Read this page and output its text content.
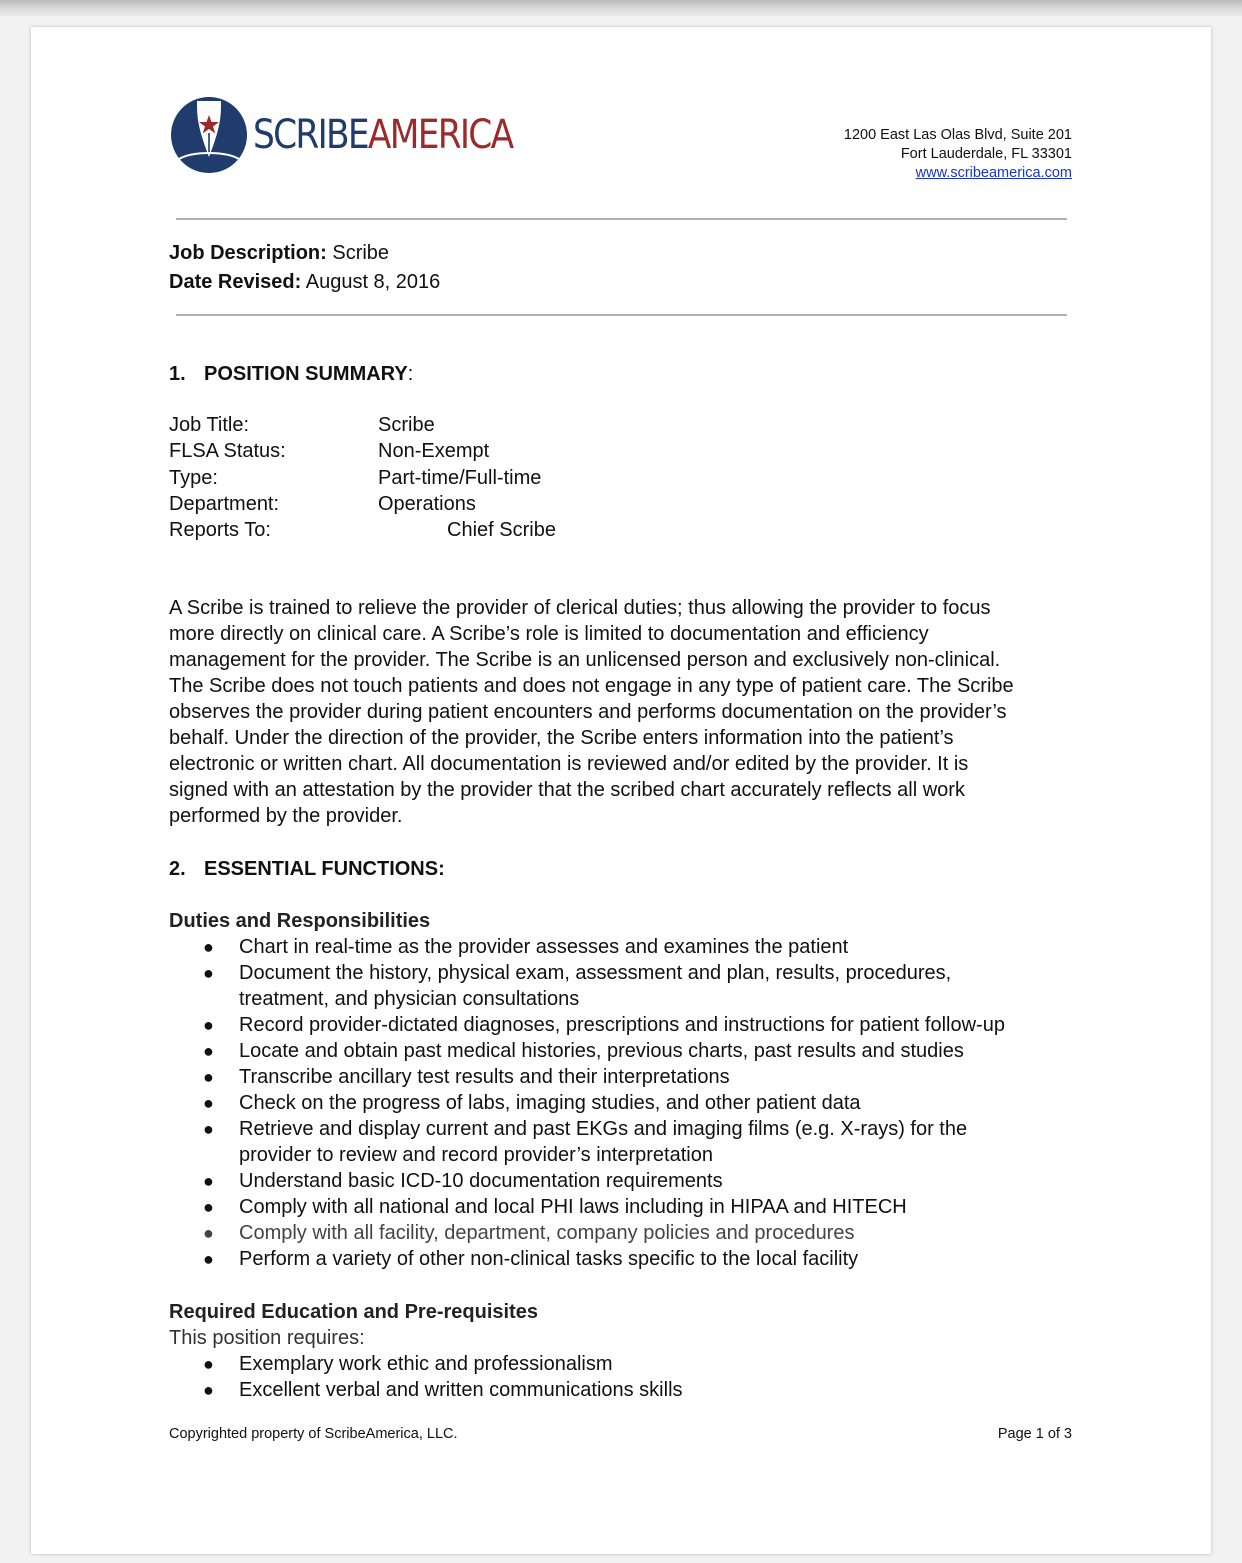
SCRIBEAMERICA	1200 East Las Olas Blvd, Suite 201
Fort Lauderdale, FL 33301
www.scribeamerica.com
Job Description: Scribe
Date Revised: August 8, 2016
1. POSITION SUMMARY:
Job Title:	Scribe
FLSA Status:	Non-Exempt
Type:	Part-time/Full-time
Department:	Operations
Reports To:	Chief Scribe
A Scribe is trained to relieve the provider of clerical duties; thus allowing the provider to focus
more directly on clinical care. A Scribe’s role is limited to documentation and efficiency
management for the provider. The Scribe is an unlicensed person and exclusively non-clinical.
The Scribe does not touch patients and does not engage in any type of patient care. The Scribe
observes the provider during patient encounters and performs documentation on the provider’s
behalf. Under the direction of the provider, the Scribe enters information into the patient’s
electronic or written chart. All documentation is reviewed and/or edited by the provider. It is
signed with an attestation by the provider that the scribed chart accurately reflects all work
performed by the provider.
2. ESSENTIAL FUNCTIONS:
Duties and Responsibilities
● Chart in real-time as the provider assesses and examines the patient
● Document the history, physical exam, assessment and plan, results, procedures,
treatment, and physician consultations
● Record provider-dictated diagnoses, prescriptions and instructions for patient follow-up
● Locate and obtain past medical histories, previous charts, past results and studies
● Transcribe ancillary test results and their interpretations
● Check on the progress of labs, imaging studies, and other patient data
● Retrieve and display current and past EKGs and imaging films (e.g. X-rays) for the
provider to review and record provider’s interpretation
● Understand basic ICD-10 documentation requirements
● Comply with all national and local PHI laws including in HIPAA and HITECH
● Comply with all facility, department, company policies and procedures
● Perform a variety of other non-clinical tasks specific to the local facility
Required Education and Pre-requisites
This position requires:
● Exemplary work ethic and professionalism
● Excellent verbal and written communications skills
Copyrighted property of ScribeAmerica, LLC.	Page 1 of 3
